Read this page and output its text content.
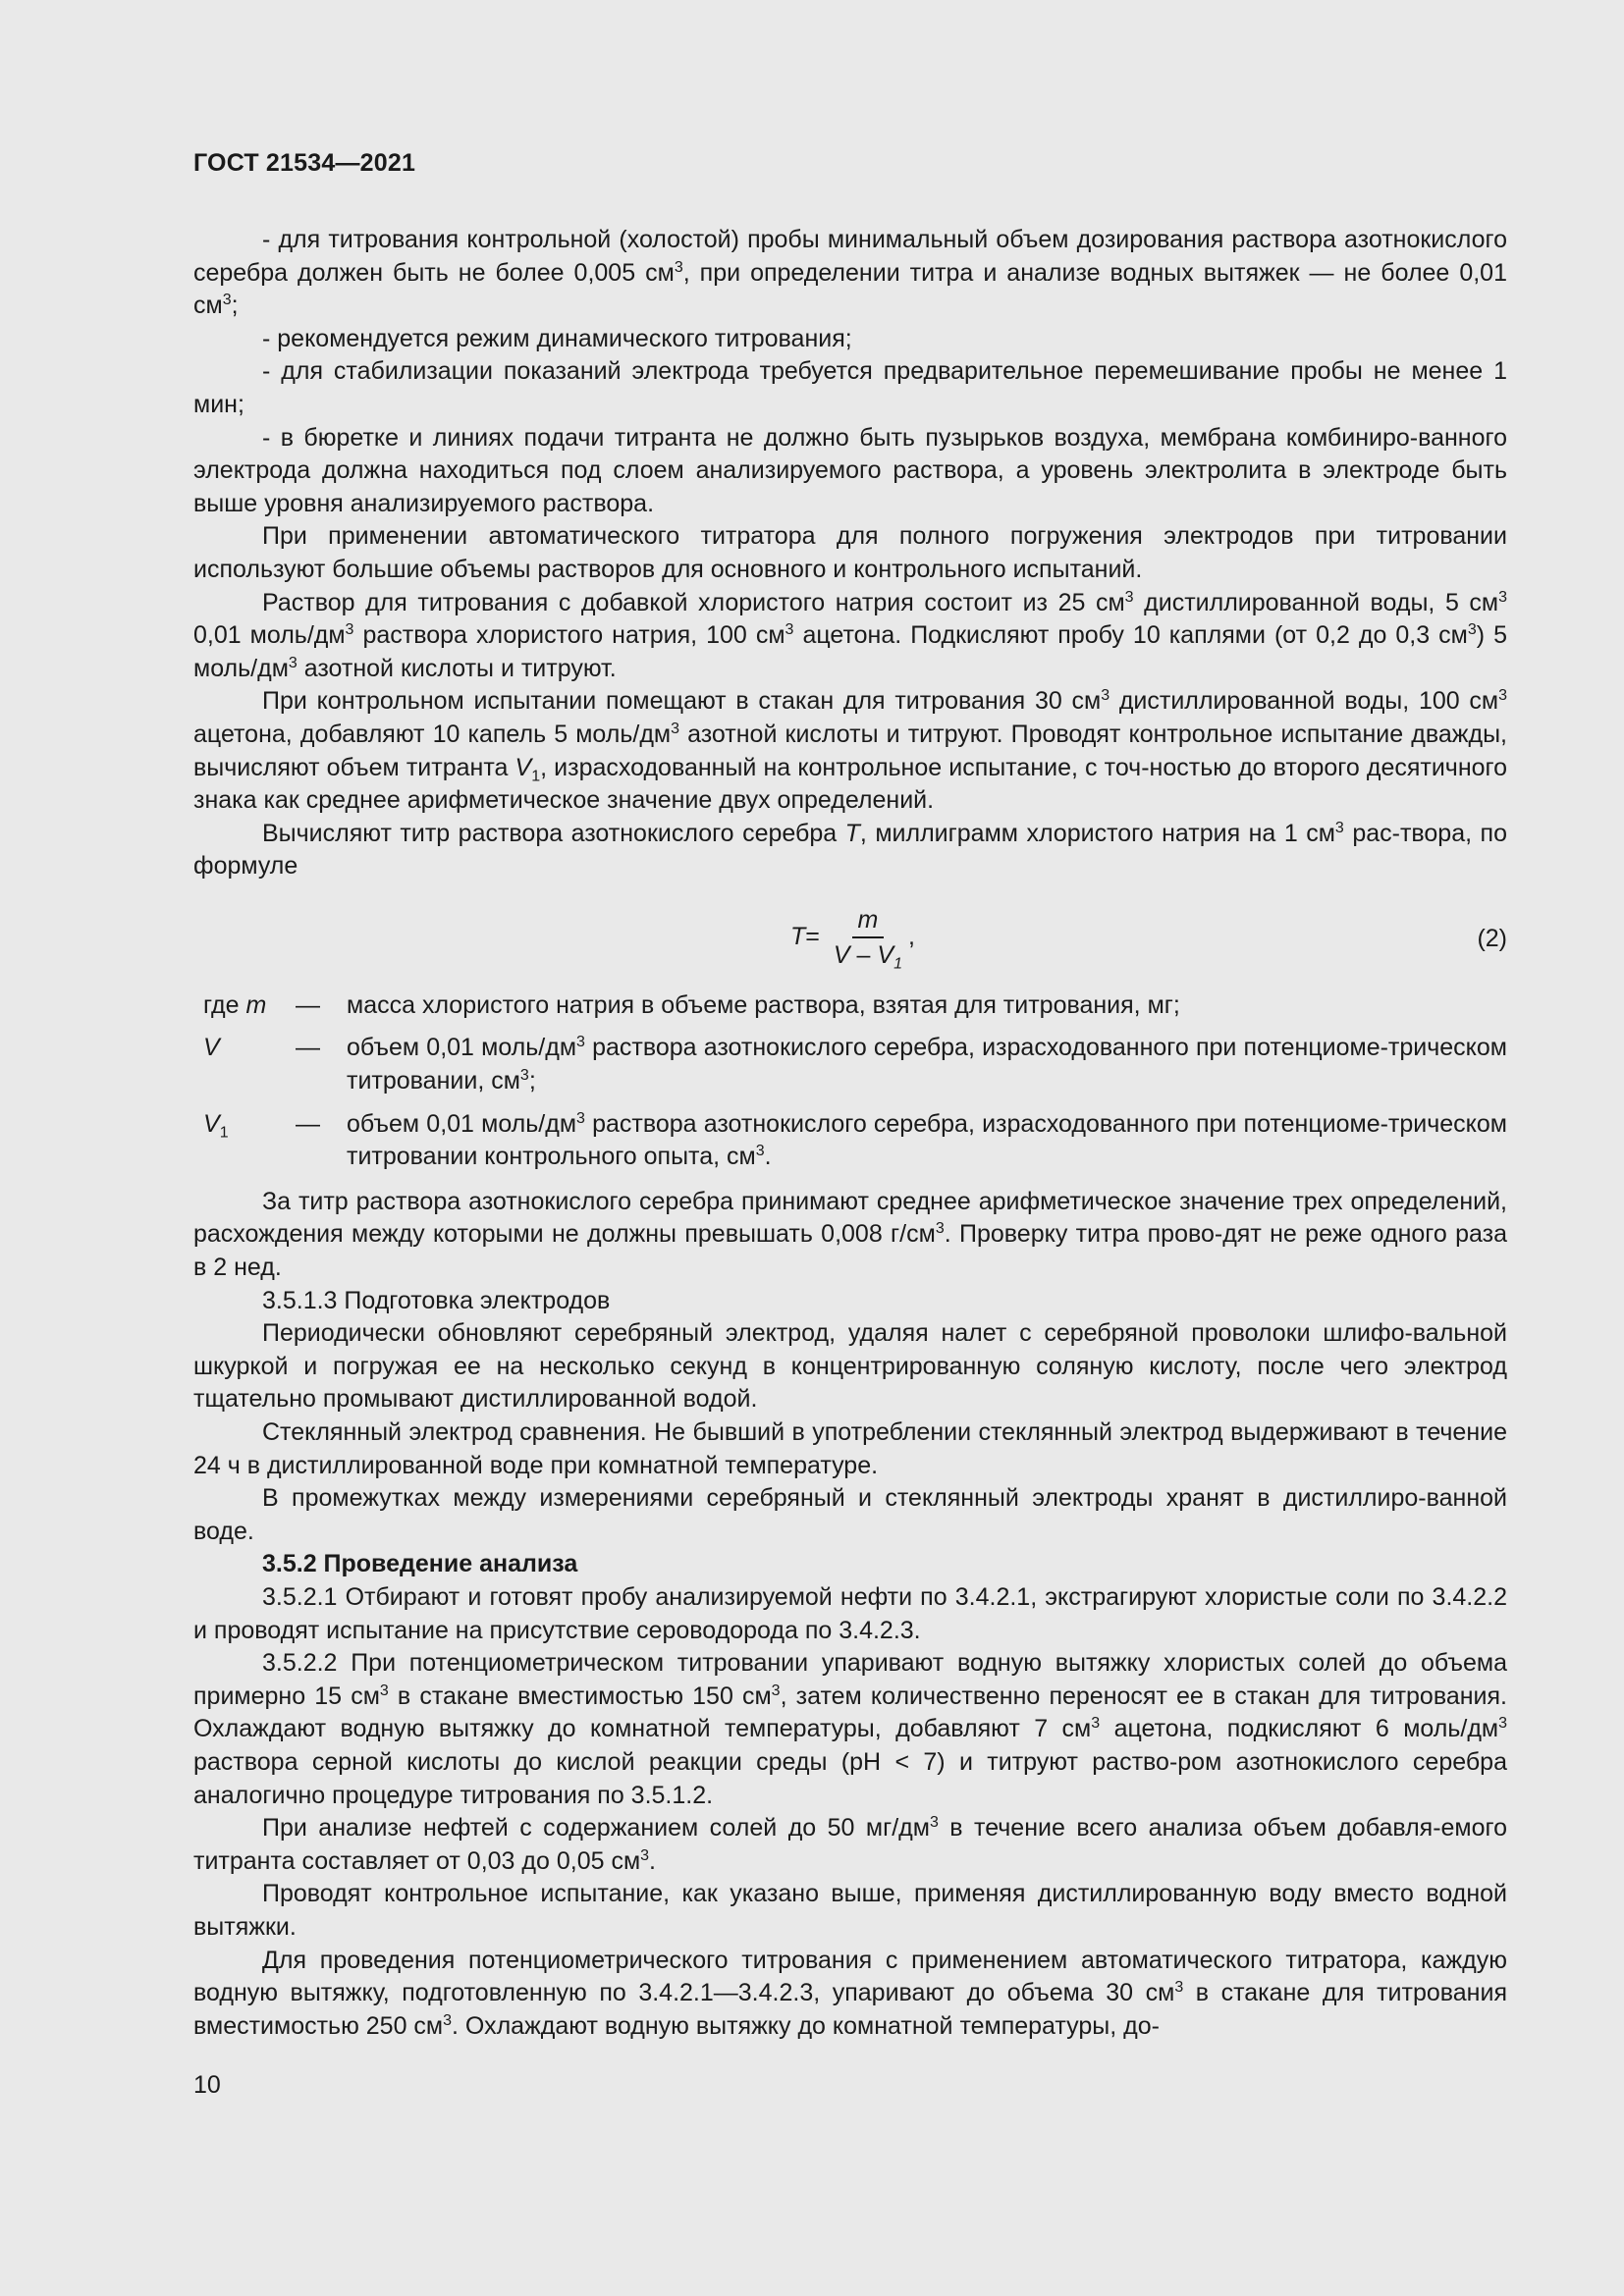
ГОСТ 21534—2021

- для титрования контрольной (холостой) пробы минимальный объем дозирования раствора азотнокислого серебра должен быть не более 0,005 $см^3$, при определении титра и анализе водных вытяжек — не более 0,01 $см^3$;

- рекомендуется режим динамического титрования;

- для стабилизации показаний электрода требуется предварительное перемешивание пробы не менее 1 мин;

- в бюретке и линиях подачи титранта не должно быть пузырьков воздуха, мембрана комбиниро-ванного электрода должна находиться под слоем анализируемого раствора, а уровень электролита в электроде быть выше уровня анализируемого раствора.

При применении автоматического титратора для полного погружения электродов при титровании используют большие объемы растворов для основного и контрольного испытаний.

Раствор для титрования с добавкой хлористого натрия состоит из 25 $см^3$ дистиллированной воды, 5 $см^3$ 0,01 моль/$дм^3$ раствора хлористого натрия, 100 $см^3$ ацетона. Подкисляют пробу 10 каплями (от 0,2 до 0,3 $см^3$) 5 моль/$дм^3$ азотной кислоты и титруют.

При контрольном испытании помещают в стакан для титрования 30 $см^3$ дистиллированной воды, 100 $см^3$ ацетона, добавляют 10 капель 5 моль/$дм^3$ азотной кислоты и титруют. Проводят контрольное испытание дважды, вычисляют объем титранта $V_1$, израсходованный на контрольное испытание, с точ-ностью до второго десятичного знака как среднее арифметическое значение двух определений.

Вычисляют титр раствора азотнокислого серебра T, миллиграмм хлористого натрия на 1 $см^3$ рас-твора, по формуле

$T = \frac{m}{V - V_1}$ ,	(2)
где m	—	масса хлористого натрия в объеме раствора, взятая для титрования, мг;
V	—	объем 0,01 моль/$дм^3$ раствора азотнокислого серебра, израсходованного при потенциоме-трическом титровании, $см^3$;
$V_1$	—	объем 0,01 моль/$дм^3$ раствора азотнокислого серебра, израсходованного при потенциоме-трическом титровании контрольного опыта, $см^3$.

За титр раствора азотнокислого серебра принимают среднее арифметическое значение трех определений, расхождения между которыми не должны превышать 0,008 $г/см^3$. Проверку титра прово-дят не реже одного раза в 2 нед.

3.5.1.3 Подготовка электродов

Периодически обновляют серебряный электрод, удаляя налет с серебряной проволоки шлифо-вальной шкуркой и погружая ее на несколько секунд в концентрированную соляную кислоту, после чего электрод тщательно промывают дистиллированной водой.

Стеклянный электрод сравнения. Не бывший в употреблении стеклянный электрод выдерживают в течение 24 ч в дистиллированной воде при комнатной температуре.

В промежутках между измерениями серебряный и стеклянный электроды хранят в дистиллиро-ванной воде.

3.5.2 Проведение анализа

3.5.2.1 Отбирают и готовят пробу анализируемой нефти по 3.4.2.1, экстрагируют хлористые соли по 3.4.2.2 и проводят испытание на присутствие сероводорода по 3.4.2.3.

3.5.2.2 При потенциометрическом титровании упаривают водную вытяжку хлористых солей до объема примерно 15 $см^3$ в стакане вместимостью 150 $см^3$, затем количественно переносят ее в стакан для титрования. Охлаждают водную вытяжку до комнатной температуры, добавляют 7 $см^3$ ацетона, подкисляют 6 моль/$дм^3$ раствора серной кислоты до кислой реакции среды (pH < 7) и титруют раство-ром азотнокислого серебра аналогично процедуре титрования по 3.5.1.2.

При анализе нефтей с содержанием солей до 50 $мг/дм^3$ в течение всего анализа объем добавля-емого титранта составляет от 0,03 до 0,05 $см^3$.

Проводят контрольное испытание, как указано выше, применяя дистиллированную воду вместо водной вытяжки.

Для проведения потенциометрического титрования с применением автоматического титратора, каждую водную вытяжку, подготовленную по 3.4.2.1—3.4.2.3, упаривают до объема 30 $см^3$ в стакане для титрования вместимостью 250 $см^3$. Охлаждают водную вытяжку до комнатной температуры, до-

10
